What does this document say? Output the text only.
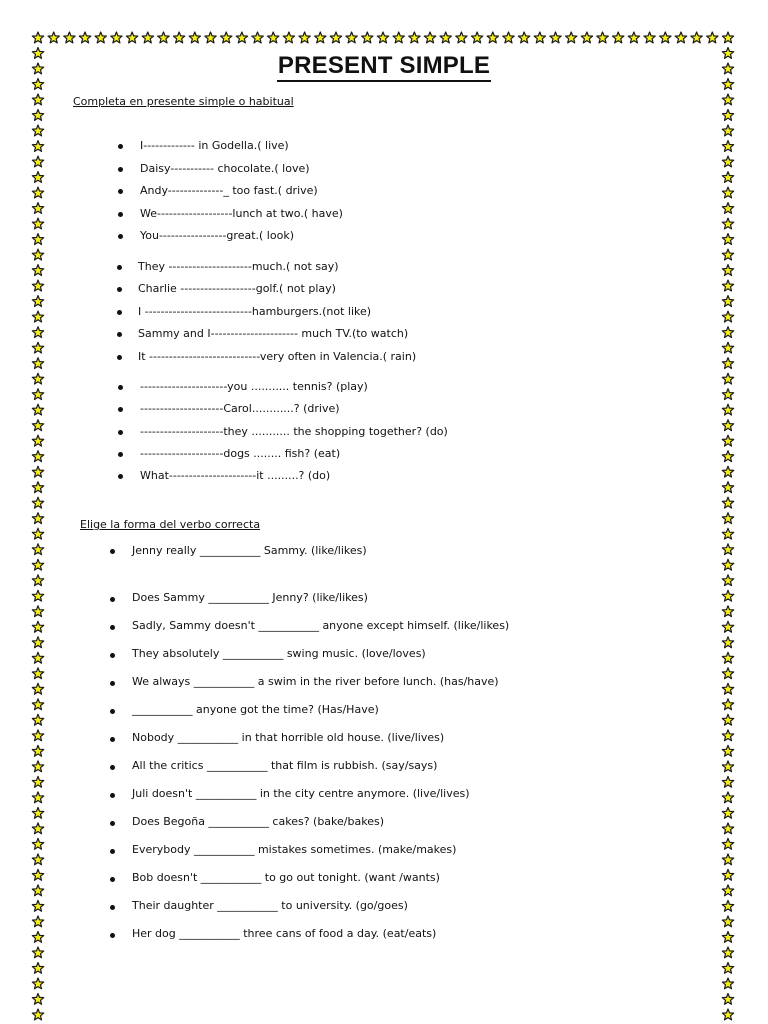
PRESENT SIMPLE

Completa en presente simple o habitual

I------------- in Godella.( live)
Daisy----------- chocolate.( love)
Andy--------------_ too fast.( drive)
We-------------------lunch at two.( have)
You-----------------great.( look)
They ---------------------much.( not say)
Charlie -------------------golf.( not play)
I ---------------------------hamburgers.(not like)
Sammy and I---------------------- much TV.(to watch)
It ----------------------------very often in Valencia.( rain)
----------------------you ........... tennis? (play)
---------------------Carol............? (drive)
---------------------they ........... the shopping together? (do)
---------------------dogs ........ fish? (eat)
What----------------------it .........? (do)

Elige la forma del verbo correcta

Jenny really ___________ Sammy. (like/likes)
Does Sammy ___________ Jenny? (like/likes)
Sadly, Sammy doesn't ___________ anyone except himself. (like/likes)
They absolutely ___________ swing music. (love/loves)
We always ___________ a swim in the river before lunch. (has/have)
___________ anyone got the time? (Has/Have)
Nobody ___________ in that horrible old house. (live/lives)
All the critics ___________ that film is rubbish. (say/says)
Juli doesn't ___________ in the city centre anymore. (live/lives)
Does Begoña ___________ cakes? (bake/bakes)
Everybody ___________ mistakes sometimes. (make/makes)
Bob doesn't ___________ to go out tonight. (want /wants)
Their daughter ___________ to university. (go/goes)
Her dog ___________ three cans of food a day. (eat/eats)
